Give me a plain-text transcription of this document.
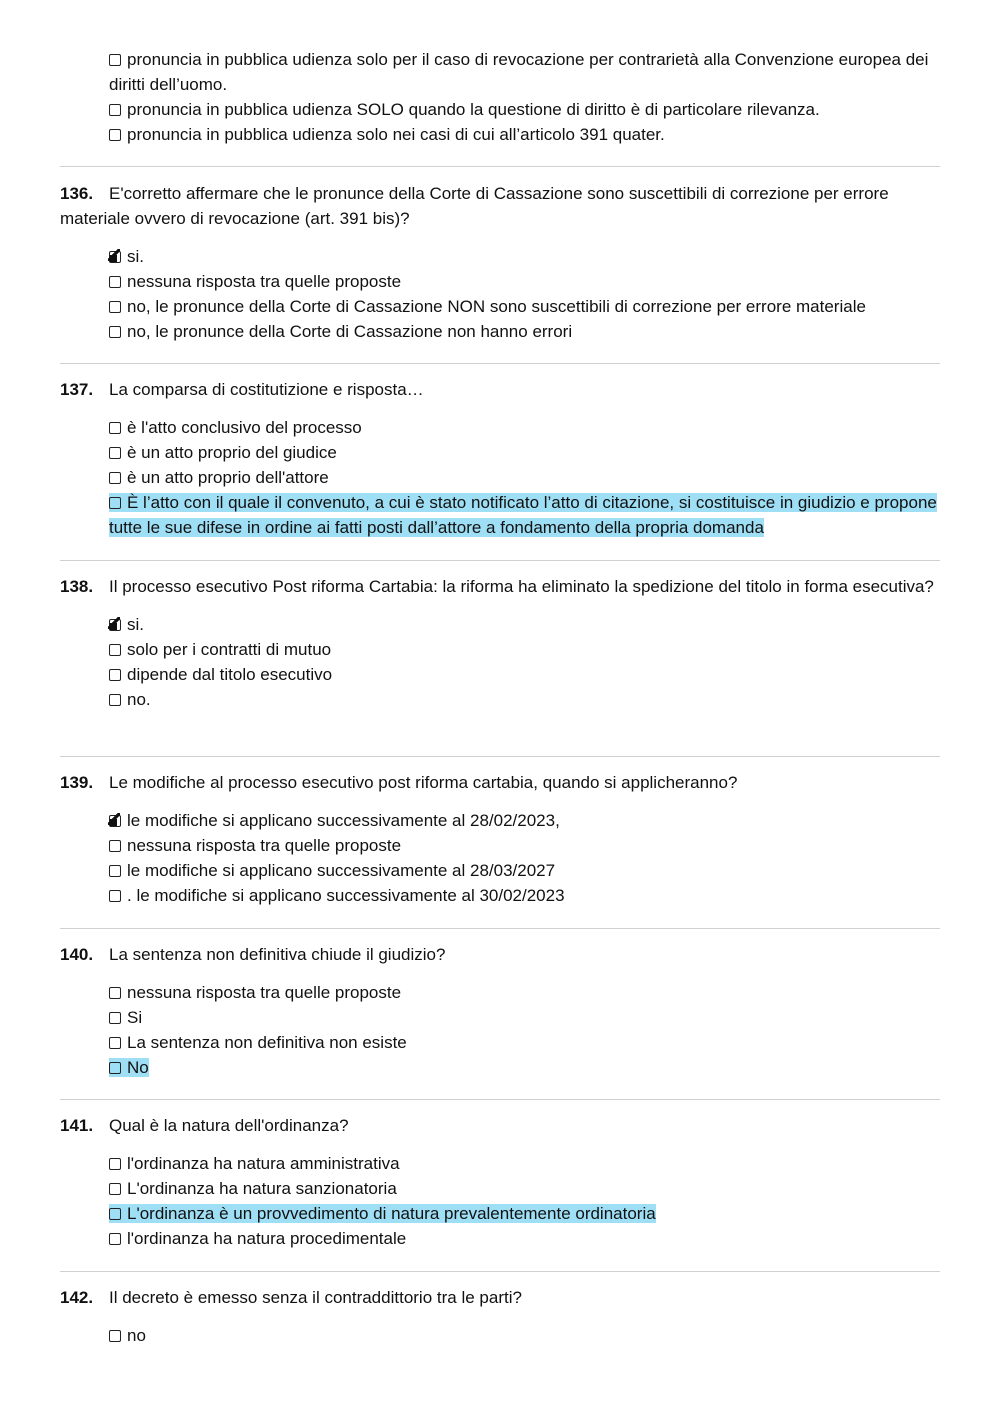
pronuncia in pubblica udienza solo per il caso di revocazione per contrarietà alla Convenzione europea dei diritti dell’uomo.
pronuncia in pubblica udienza SOLO quando la questione di diritto è di particolare rilevanza.
pronuncia in pubblica udienza solo nei casi di cui all’articolo 391 quater.
136. E'corretto affermare che le pronunce della Corte di Cassazione sono suscettibili di correzione per errore materiale ovvero di revocazione (art. 391 bis)?
si.
nessuna risposta tra quelle proposte
no, le pronunce della Corte di Cassazione NON sono suscettibili di correzione per errore materiale
no, le pronunce della Corte di Cassazione non hanno errori
137. La comparsa di costitutizione e risposta…
è l'atto conclusivo del processo
è un atto proprio del giudice
è un atto proprio dell'attore
È l’atto con il quale il convenuto, a cui è stato notificato l’atto di citazione, si costituisce in giudizio e propone tutte le sue difese in ordine ai fatti posti dall’attore a fondamento della propria domanda
138. Il processo esecutivo Post riforma Cartabia: la riforma ha eliminato la spedizione del titolo in forma esecutiva?
si.
solo per i contratti di mutuo
dipende dal titolo esecutivo
no.
139. Le modifiche al processo esecutivo post riforma cartabia, quando si applicheranno?
le modifiche si applicano successivamente al 28/02/2023,
nessuna risposta tra quelle proposte
le modifiche si applicano successivamente al 28/03/2027
. le modifiche si applicano successivamente al 30/02/2023
140. La sentenza non definitiva chiude il giudizio?
nessuna risposta tra quelle proposte
Si
La sentenza non definitiva non esiste
No
141. Qual è la natura dell'ordinanza?
l'ordinanza ha natura amministrativa
L'ordinanza ha natura sanzionatoria
L'ordinanza è un provvedimento di natura prevalentemente ordinatoria
l'ordinanza ha natura procedimentale
142. Il decreto è emesso senza il contraddittorio tra le parti?
no
